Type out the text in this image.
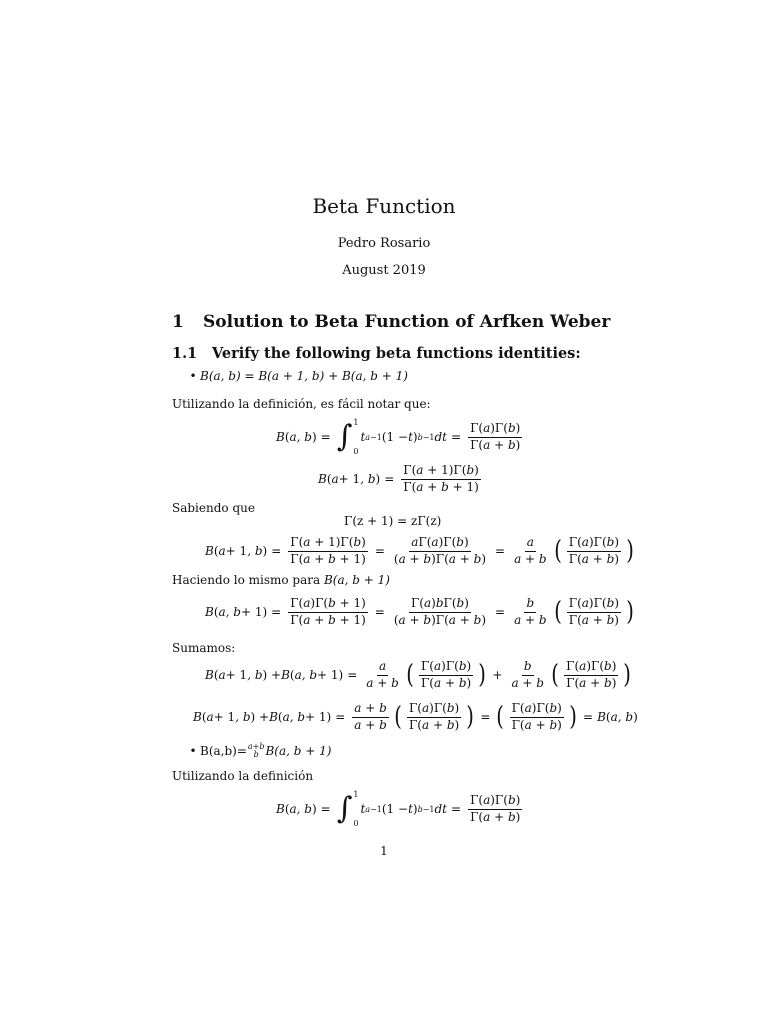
Beta Function
Pedro Rosario
August 2019
1 Solution to Beta Function of Arfken Weber
1.1 Verify the following beta functions identities:
• B(a, b) = B(a + 1, b) + B(a, b + 1)
Utilizando la definición, es fácil notar que:
B ( a, b ) = ∫ 1
0
t a−1 (1 − t ) b−1 dt = $\frac{\Gamma(a)\Gamma(b)}{\Gamma(a + b)}$
B ( a + 1 , b ) = $\frac{\Gamma(a + 1)\Gamma(b)}{\Gamma(a + b + 1)}$
Sabiendo que
Γ(z + 1) = zΓ(z)
B ( a + 1 , b ) = $\frac{\Gamma(a + 1)\Gamma(b)}{\Gamma(a + b + 1)} = \frac{a\Gamma(a)\Gamma(b)}{(a + b)\Gamma(a + b)} = \frac{a}{a + b}$ ( $\frac{\Gamma(a)\Gamma(b)}{\Gamma(a + b)}$ )
Haciendo lo mismo para B(a, b + 1)
B ( a, $b + 1) = \frac{\Gamma(a)\Gamma(b + 1)}{\Gamma(a + b + 1)} = \frac{\Gamma(a)b\Gamma(b)}{(a + b)\Gamma(a + b)} = \frac{b}{a + b}$ ( $\frac{\Gamma(a)\Gamma(b)}{\Gamma(a + b)}$ )
Sumamos:
B ( a + 1 , b ) + B ( a, $b + 1) = \frac{a}{a + b}$ ( $\frac{\Gamma(a)\Gamma(b)}{\Gamma(a + b)}$ ) + $\frac{b}{a + b}$ ( $\frac{\Gamma(a)\Gamma(b)}{\Gamma(a + b)}$ )
B ( a + 1 , b ) + B ( a, $b + 1) = \frac{a + b}{a + b}$ ( $\frac{\Gamma(a)\Gamma(b)}{\Gamma(a + b)}$ ) = ( $\frac{\Gamma(a)\Gamma(b)}{\Gamma(a + b)}$ ) = B ( a, b )
• B(a,b)= a+b
b B(a, b + 1)
Utilizando la definición
B ( a, b ) = ∫ 1
0
t a−1 (1 − t ) b−1 dt = $\frac{\Gamma(a)\Gamma(b)}{\Gamma(a + b)}$
1
